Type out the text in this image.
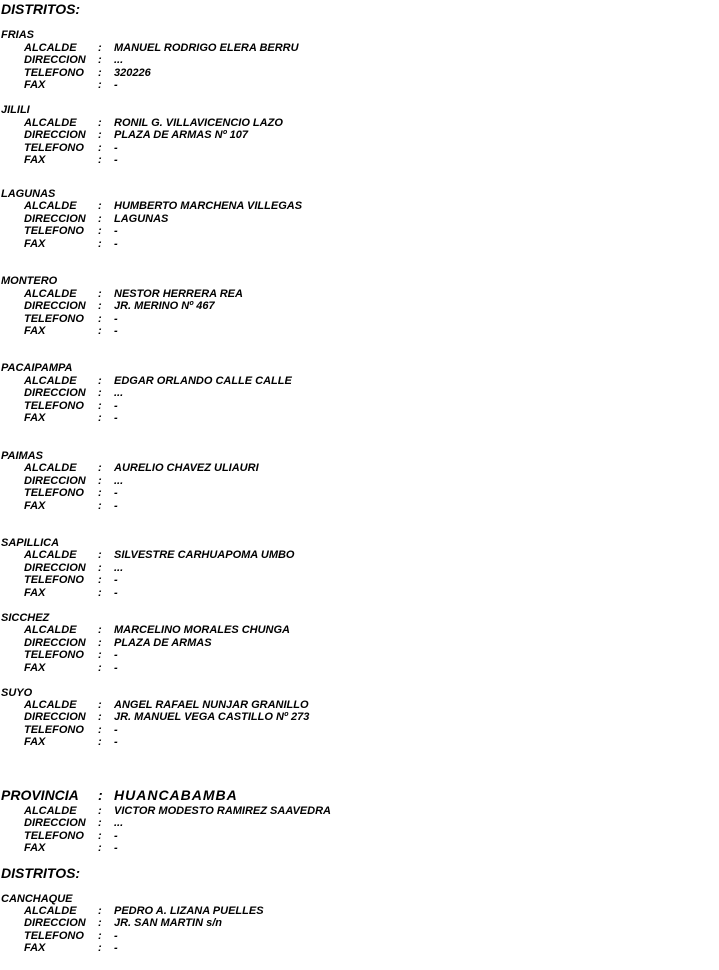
DISTRITOS:
FRIAS
ALCALDE : MANUEL RODRIGO ELERA BERRU
DIRECCION : ...
TELEFONO : 320226
FAX	: -
JILILI
ALCALDE : RONIL G. VILLAVICENCIO LAZO
DIRECCION : PLAZA DE ARMAS Nº 107
TELEFONO : -
FAX	: -
LAGUNAS
ALCALDE : HUMBERTO MARCHENA VILLEGAS
DIRECCION : LAGUNAS
TELEFONO : -
FAX	: -
MONTERO
ALCALDE : NESTOR HERRERA REA
DIRECCION : JR. MERINO Nº 467
TELEFONO : -
FAX	: -
PACAIPAMPA
ALCALDE : EDGAR ORLANDO CALLE CALLE
DIRECCION : ...
TELEFONO : -
FAX	: -
PAIMAS
ALCALDE : AURELIO CHAVEZ ULIAURI
DIRECCION : ...
TELEFONO : -
FAX	: -
SAPILLICA
ALCALDE : SILVESTRE CARHUAPOMA UMBO
DIRECCION : ...
TELEFONO : -
FAX	: -
SICCHEZ
ALCALDE : MARCELINO MORALES CHUNGA
DIRECCION : PLAZA DE ARMAS
TELEFONO : -
FAX	: -
SUYO
ALCALDE : ANGEL RAFAEL NUNJAR GRANILLO
DIRECCION : JR. MANUEL VEGA CASTILLO Nº 273
TELEFONO : -
FAX	: -
PROVINCIA : HUANCABAMBA
ALCALDE : VICTOR MODESTO RAMIREZ SAAVEDRA
DIRECCION : ...
TELEFONO : -
FAX	: -
DISTRITOS:
CANCHAQUE
ALCALDE : PEDRO A. LIZANA PUELLES
DIRECCION : JR. SAN MARTIN s/n
TELEFONO : -
FAX	: -
